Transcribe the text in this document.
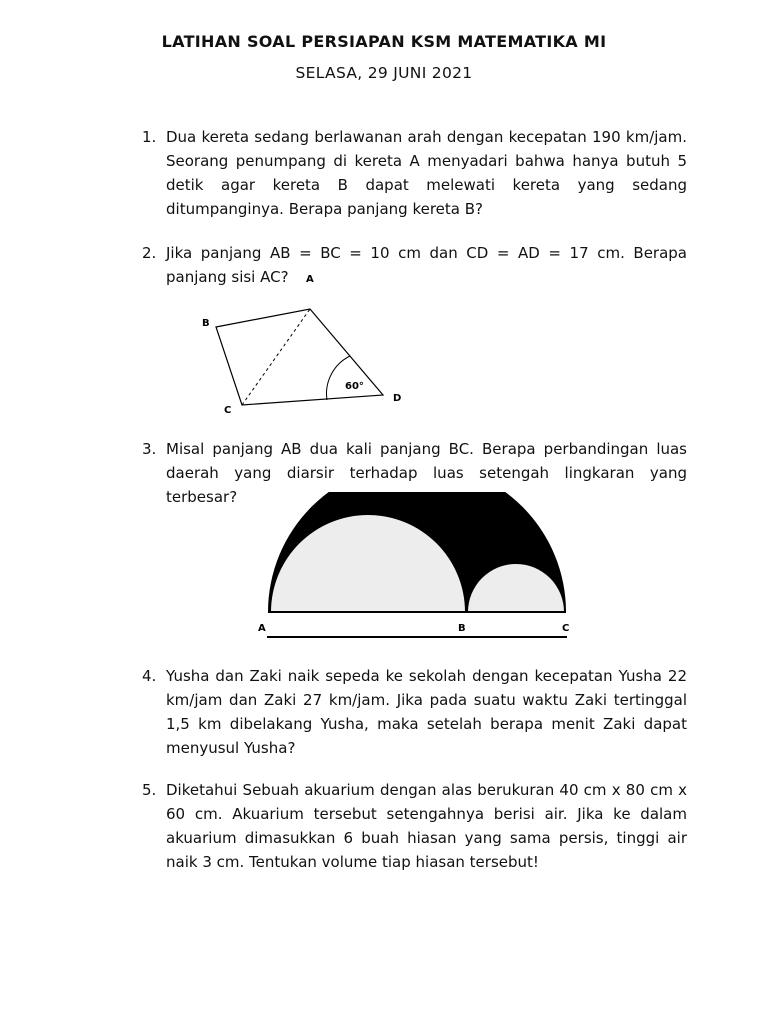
LATIHAN SOAL PERSIAPAN KSM MATEMATIKA MI
SELASA, 29 JUNI 2021
1. Dua kereta sedang berlawanan arah dengan kecepatan 190 km/jam. Seorang penumpang di kereta A menyadari bahwa hanya butuh 5 detik agar kereta B dapat melewati kereta yang sedang ditumpanginya. Berapa panjang kereta B?
2. Jika panjang AB = BC = 10 cm dan CD = AD = 17 cm. Berapa panjang sisi AC?	A
B
C
D
60°
3. Misal panjang AB dua kali panjang BC. Berapa perbandingan luas daerah yang diarsir terhadap luas setengah lingkaran yang terbesar?
A	B	C
4. Yusha dan Zaki naik sepeda ke sekolah dengan kecepatan Yusha 22 km/jam dan Zaki 27 km/jam. Jika pada suatu waktu Zaki tertinggal 1,5 km dibelakang Yusha, maka setelah berapa menit Zaki dapat menyusul Yusha?
5. Diketahui Sebuah akuarium dengan alas berukuran 40 cm x 80 cm x 60 cm. Akuarium tersebut setengahnya berisi air. Jika ke dalam akuarium dimasukkan 6 buah hiasan yang sama persis, tinggi air naik 3 cm. Tentukan volume tiap hiasan tersebut!
